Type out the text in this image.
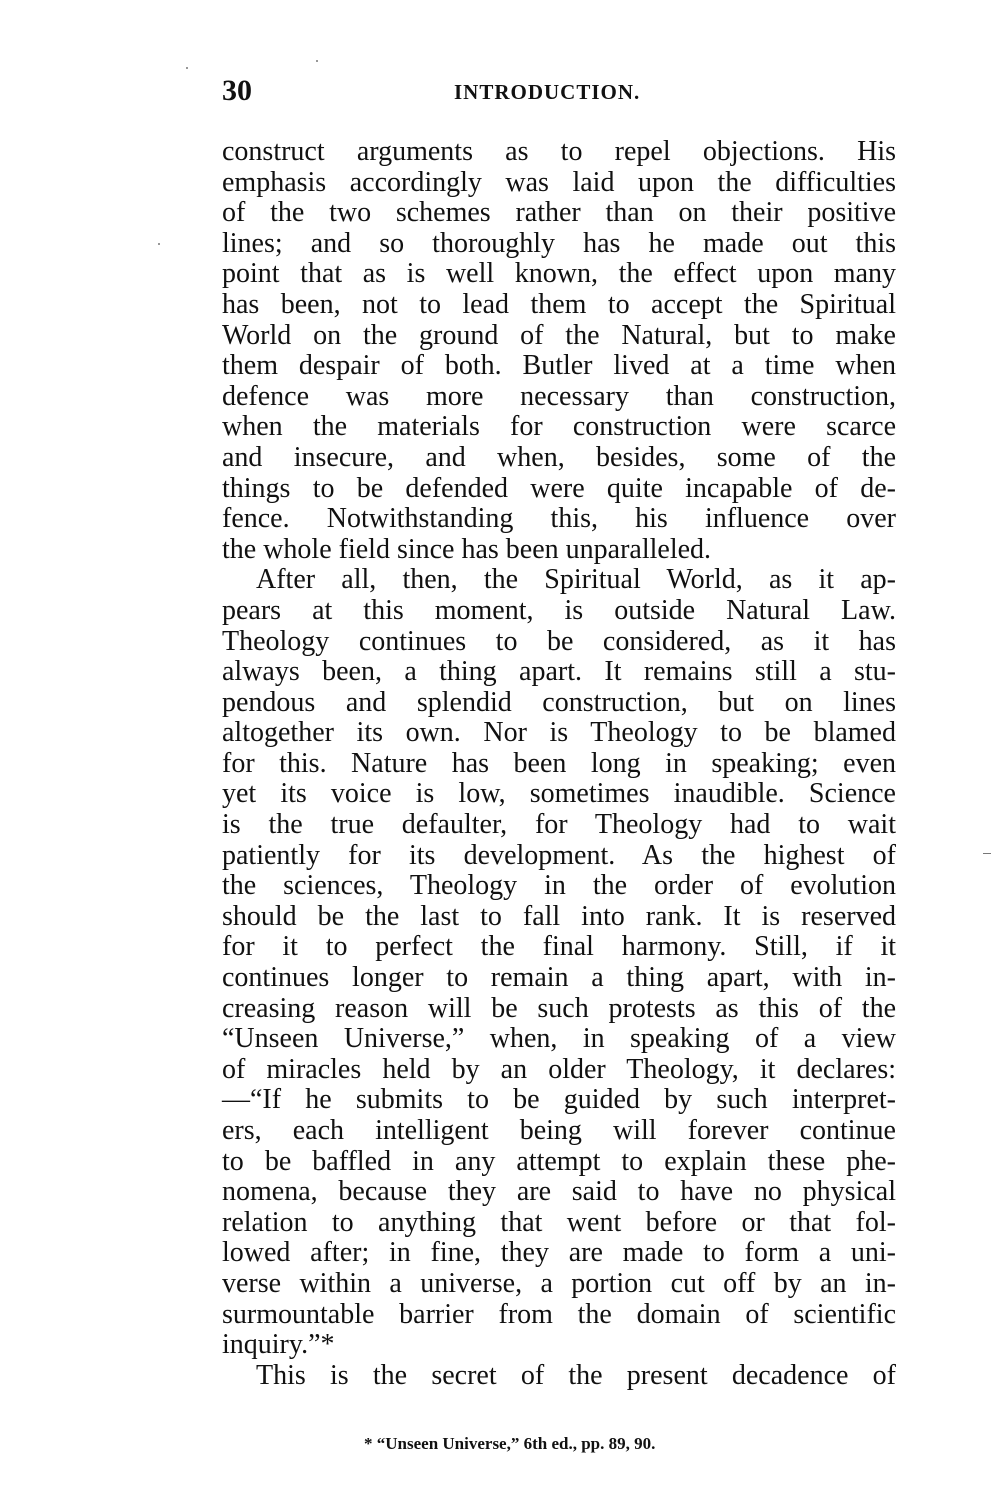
30	INTRODUCTION.
construct arguments as to repel objections. His
emphasis accordingly was laid upon the difficulties
of the two schemes rather than on their positive
lines; and so thoroughly has he made out this
point that as is well known, the effect upon many
has been, not to lead them to accept the Spiritual
World on the ground of the Natural, but to make
them despair of both. Butler lived at a time when
defence was more necessary than construction,
when the materials for construction were scarce
and insecure, and when, besides, some of the
things to be defended were quite incapable of de-
fence. Notwithstanding this, his influence over
the whole field since has been unparalleled.
After all, then, the Spiritual World, as it ap-
pears at this moment, is outside Natural Law.
Theology continues to be considered, as it has
always been, a thing apart. It remains still a stu-
pendous and splendid construction, but on lines
altogether its own. Nor is Theology to be blamed
for this. Nature has been long in speaking; even
yet its voice is low, sometimes inaudible. Science
is the true defaulter, for Theology had to wait
patiently for its development. As the highest of
the sciences, Theology in the order of evolution
should be the last to fall into rank. It is reserved
for it to perfect the final harmony. Still, if it
continues longer to remain a thing apart, with in-
creasing reason will be such protests as this of the
“Unseen Universe,” when, in speaking of a view
of miracles held by an older Theology, it declares:
—“If he submits to be guided by such interpret-
ers, each intelligent being will forever continue
to be baffled in any attempt to explain these phe-
nomena, because they are said to have no physical
relation to anything that went before or that fol-
lowed after; in fine, they are made to form a uni-
verse within a universe, a portion cut off by an in-
surmountable barrier from the domain of scientific
inquiry.”*
This is the secret of the present decadence of
* “Unseen Universe,” 6th ed., pp. 89, 90.
